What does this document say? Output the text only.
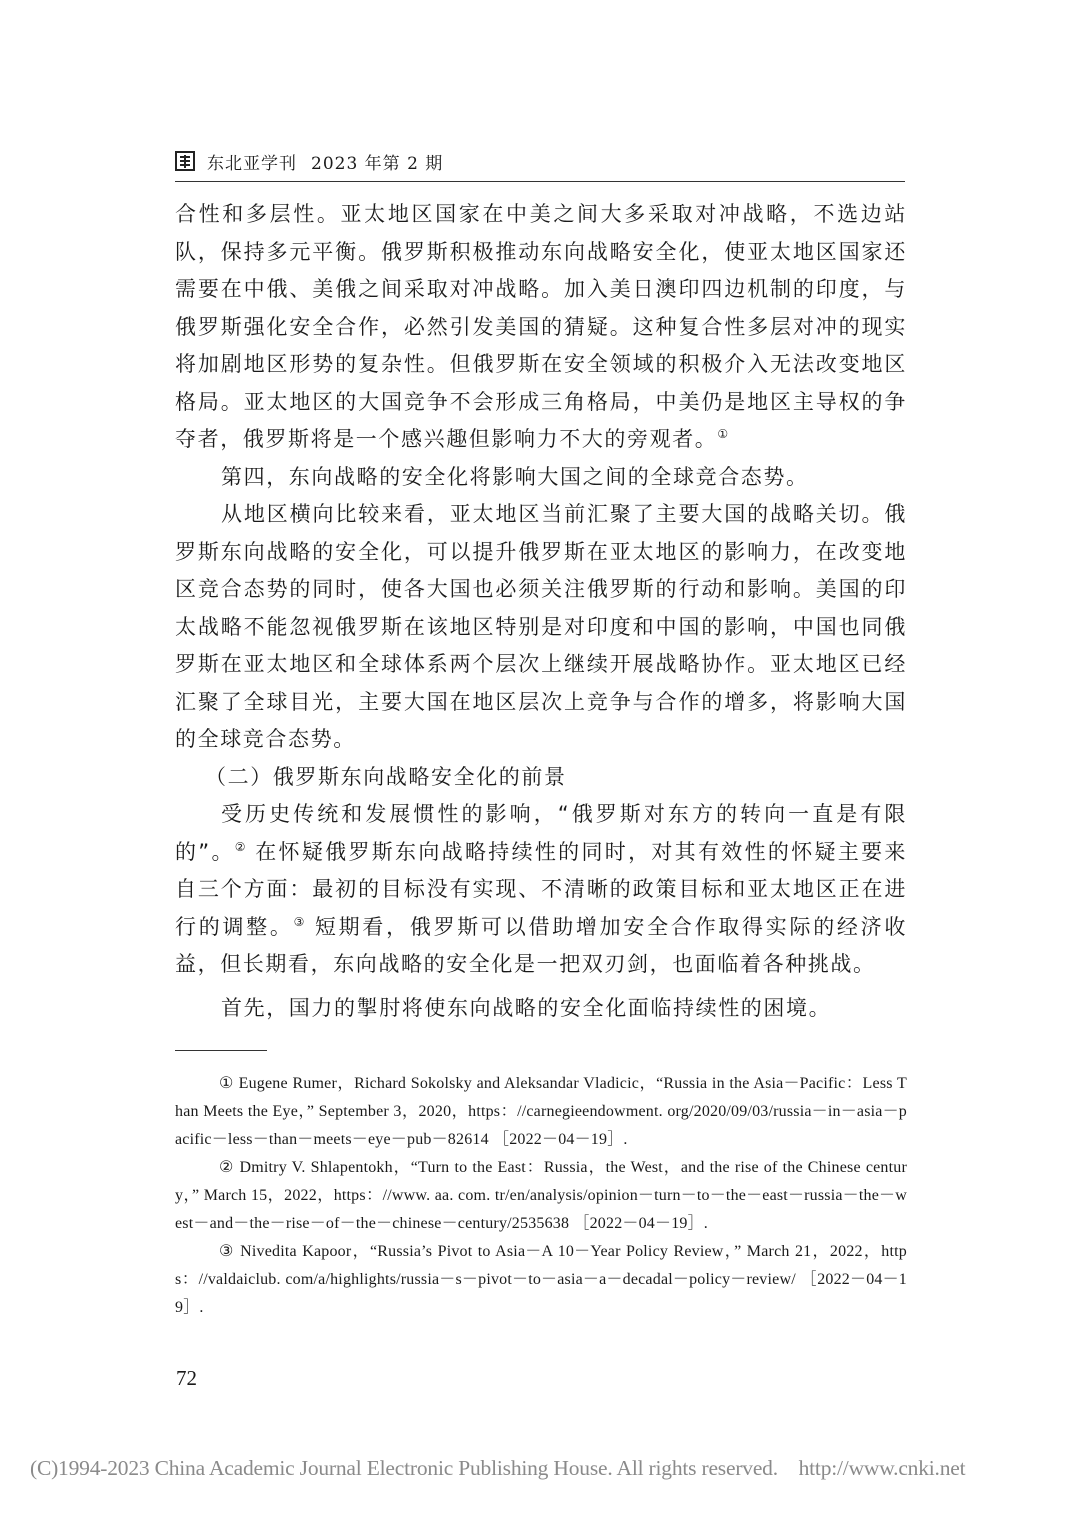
东北亚学刊 2023 年第 2 期

合性和多层性。亚太地区国家在中美之间大多采取对冲战略，不选边站队，保持多元平衡。俄罗斯积极推动东向战略安全化，使亚太地区国家还需要在中俄、美俄之间采取对冲战略。加入美日澳印四边机制的印度，与俄罗斯强化安全合作，必然引发美国的猜疑。这种复合性多层对冲的现实将加剧地区形势的复杂性。但俄罗斯在安全领域的积极介入无法改变地区格局。亚太地区的大国竞争不会形成三角格局，中美仍是地区主导权的争夺者，俄罗斯将是一个感兴趣但影响力不大的旁观者。①

第四，东向战略的安全化将影响大国之间的全球竞合态势。

从地区横向比较来看，亚太地区当前汇聚了主要大国的战略关切。俄罗斯东向战略的安全化，可以提升俄罗斯在亚太地区的影响力，在改变地区竞合态势的同时，使各大国也必须关注俄罗斯的行动和影响。美国的印太战略不能忽视俄罗斯在该地区特别是对印度和中国的影响，中国也同俄罗斯在亚太地区和全球体系两个层次上继续开展战略协作。亚太地区已经汇聚了全球目光，主要大国在地区层次上竞争与合作的增多，将影响大国的全球竞合态势。

（二）俄罗斯东向战略安全化的前景

受历史传统和发展惯性的影响，“俄罗斯对东方的转向一直是有限的”。② 在怀疑俄罗斯东向战略持续性的同时，对其有效性的怀疑主要来自三个方面：最初的目标没有实现、不清晰的政策目标和亚太地区正在进行的调整。③ 短期看，俄罗斯可以借助增加安全合作取得实际的经济收益，但长期看，东向战略的安全化是一把双刃剑，也面临着各种挑战。

首先，国力的掣肘将使东向战略的安全化面临持续性的困境。

① Eugene Rumer，Richard Sokolsky and Aleksandar Vladicic，“Russia in the Asia－Pacific：Less Than Meets the Eye，” September 3，2020，https：//carnegieendowment. org/2020/09/03/russia－in－asia－pacific－less－than－meets－eye－pub－82614 ［2022－04－19］.

② Dmitry V. Shlapentokh，“Turn to the East：Russia，the West，and the rise of the Chinese century，” March 15，2022，https：//www. aa. com. tr/en/analysis/opinion－turn－to－the－east－russia－the－west－and－the－rise－of－the－chinese－century/2535638 ［2022－04－19］.

③ Nivedita Kapoor，“Russia’s Pivot to Asia－A 10－Year Policy Review，” March 21，2022，https：//valdaiclub. com/a/highlights/russia－s－pivot－to－asia－a－decadal－policy－review/ ［2022－04－19］.

72
(C)1994-2023 China Academic Journal Electronic Publishing House. All rights reserved.    http://www.cnki.net
